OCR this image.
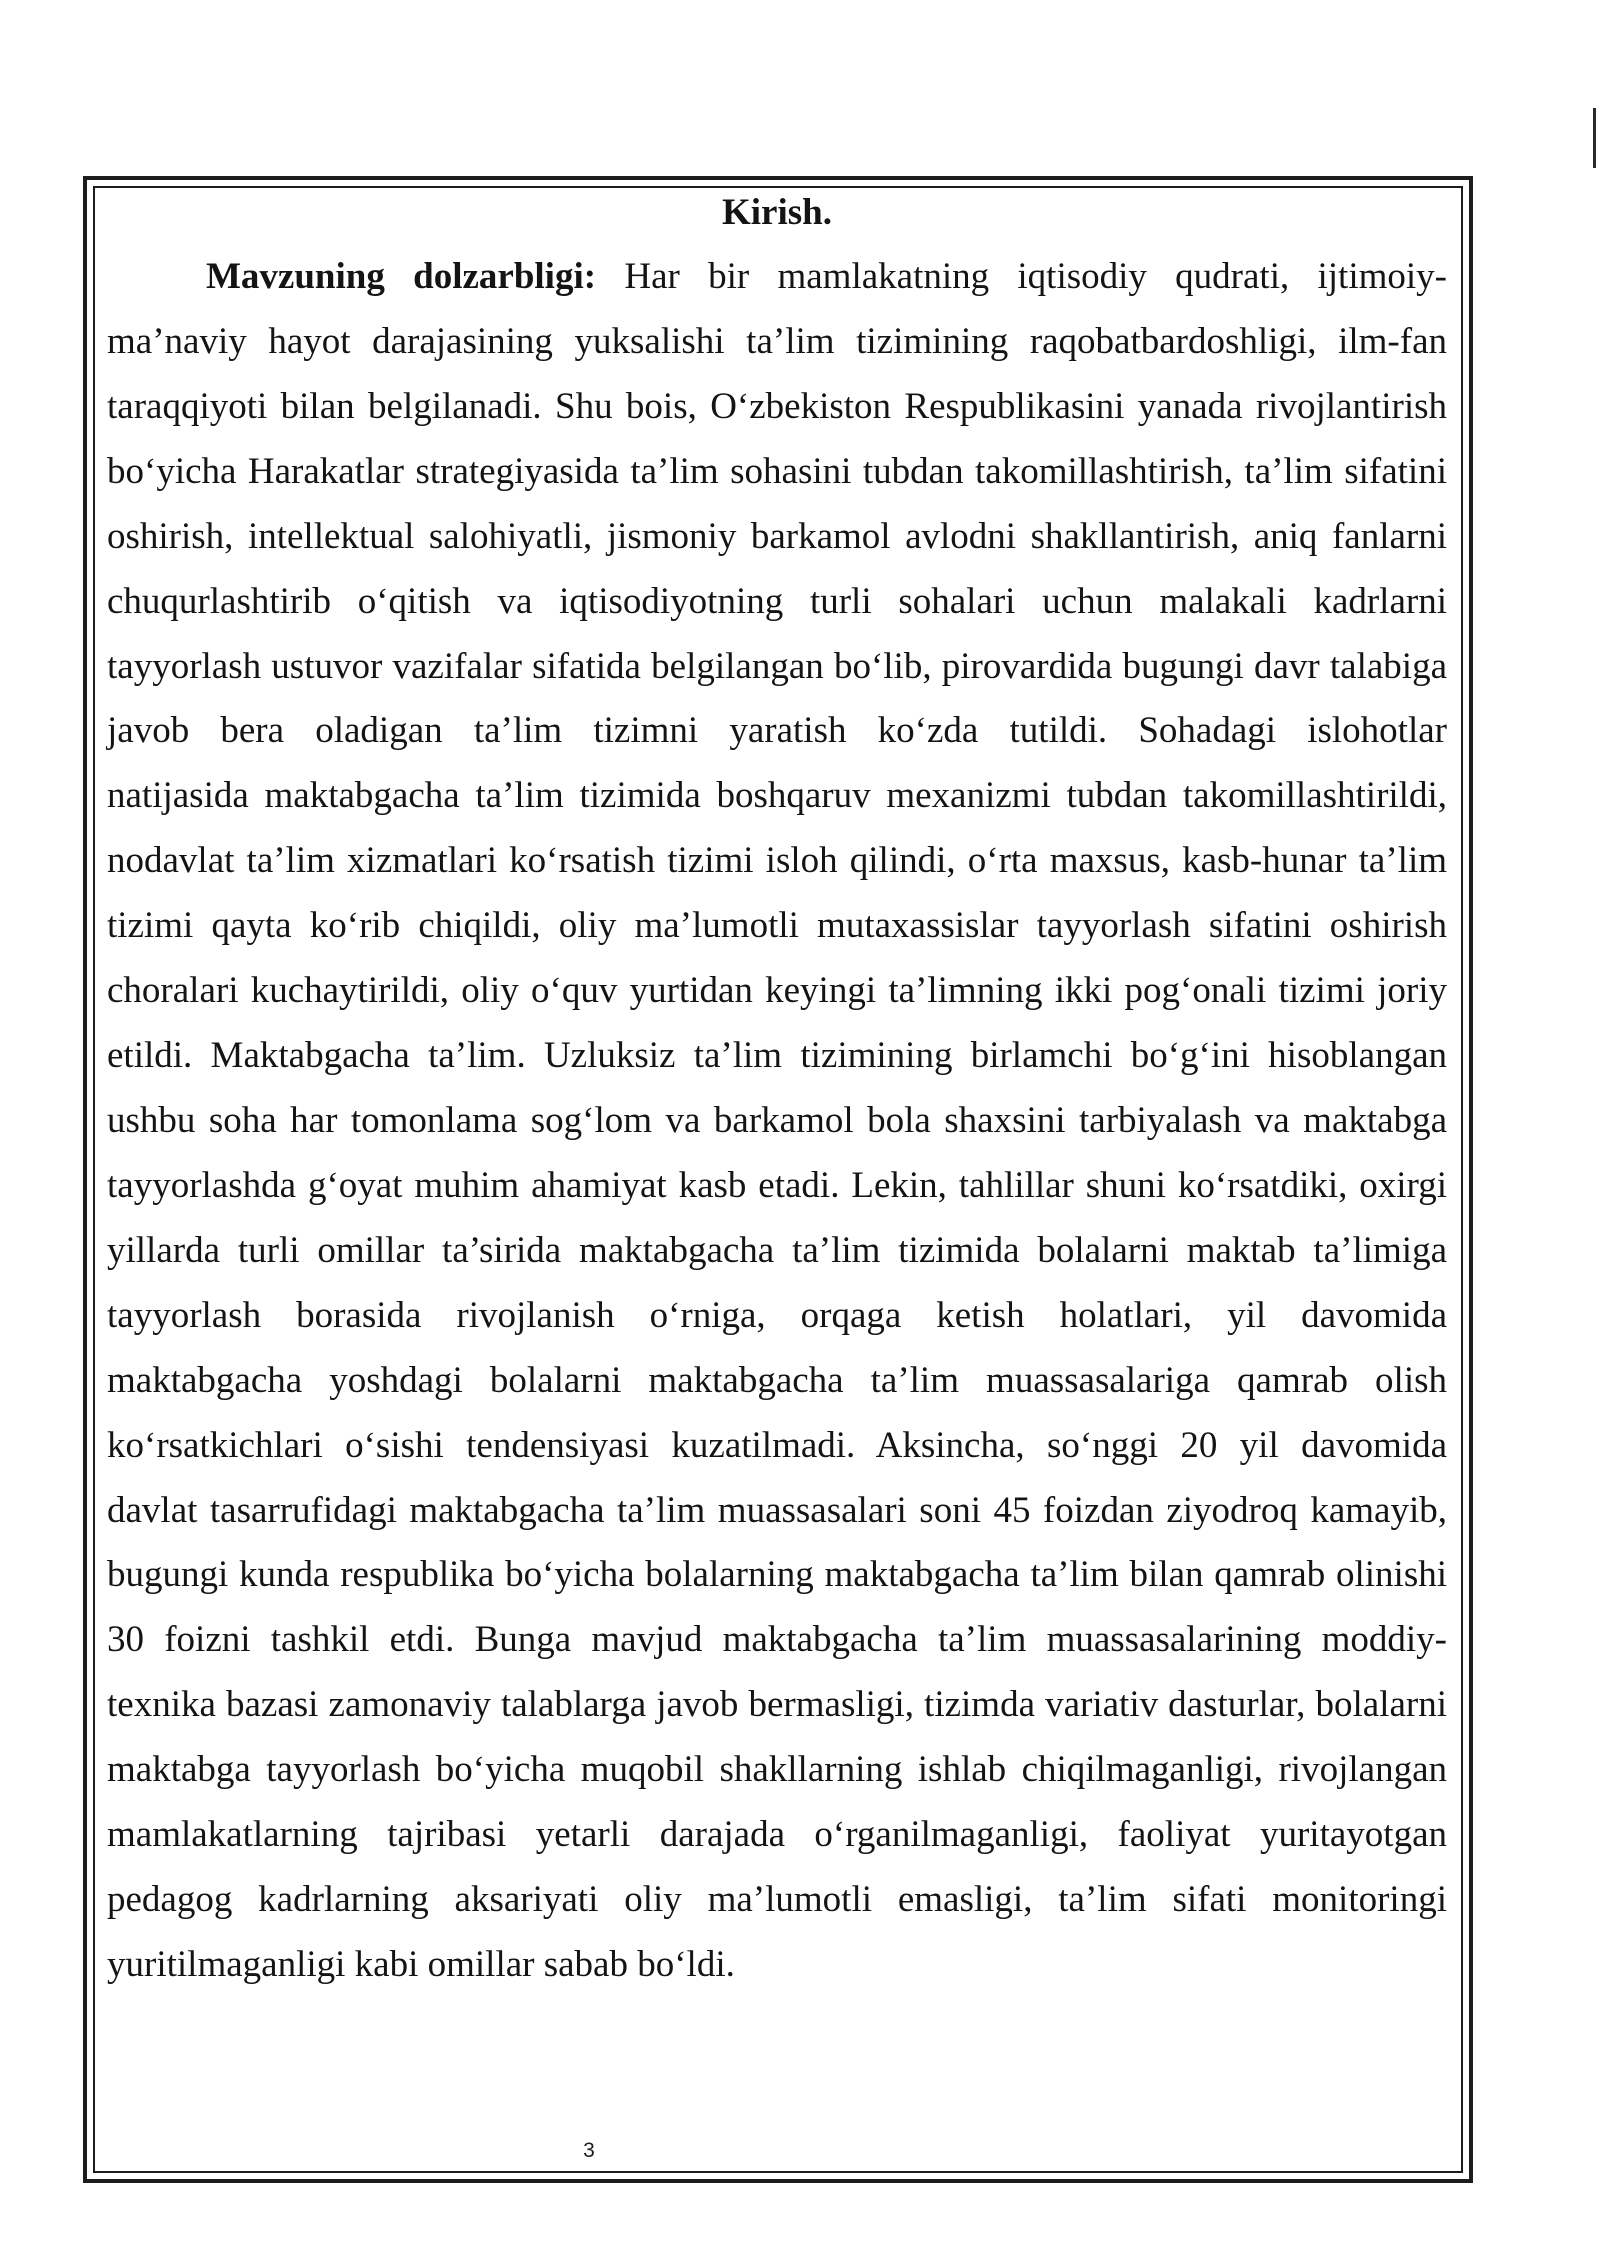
Kirish.
Mavzuning dolzarbligi: Har bir mamlakatning iqtisodiy qudrati, ijtimoiy-
ma’naviy hayot darajasining yuksalishi ta’lim tizimining raqobatbardoshligi, ilm-fan
taraqqiyoti bilan belgilanadi. Shu bois, O‘zbekiston Respublikasini yanada rivojlantirish
bo‘yicha Harakatlar strategiyasida ta’lim sohasini tubdan takomillashtirish, ta’lim sifatini
oshirish, intellektual salohiyatli, jismoniy barkamol avlodni shakllantirish, aniq fanlarni
chuqurlashtirib o‘qitish va iqtisodiyotning turli sohalari uchun malakali kadrlarni
tayyorlash ustuvor vazifalar sifatida belgilangan bo‘lib, pirovardida bugungi davr talabiga
javob bera oladigan ta’lim tizimni yaratish ko‘zda tutildi. Sohadagi islohotlar
natijasida maktabgacha ta’lim tizimida boshqaruv mexanizmi tubdan takomillashtirildi,
nodavlat ta’lim xizmatlari ko‘rsatish tizimi isloh qilindi, o‘rta maxsus, kasb-hunar ta’lim
tizimi qayta ko‘rib chiqildi, oliy ma’lumotli mutaxassislar tayyorlash sifatini oshirish
choralari kuchaytirildi, oliy o‘quv yurtidan keyingi ta’limning ikki pog‘onali tizimi joriy
etildi. Maktabgacha ta’lim. Uzluksiz ta’lim tizimining birlamchi bo‘g‘ini hisoblangan
ushbu soha har tomonlama sog‘lom va barkamol bola shaxsini tarbiyalash va maktabga
tayyorlashda g‘oyat muhim ahamiyat kasb etadi. Lekin, tahlillar shuni ko‘rsatdiki, oxirgi
yillarda turli omillar ta’sirida maktabgacha ta’lim tizimida bolalarni maktab ta’limiga
tayyorlash borasida rivojlanish o‘rniga, orqaga ketish holatlari, yil davomida
maktabgacha yoshdagi bolalarni maktabgacha ta’lim muassasalariga qamrab olish
ko‘rsatkichlari o‘sishi tendensiyasi kuzatilmadi. Aksincha, so‘nggi 20 yil davomida
davlat tasarrufidagi maktabgacha ta’lim muassasalari soni 45 foizdan ziyodroq kamayib,
bugungi kunda respublika bo‘yicha bolalarning maktabgacha ta’lim bilan qamrab olinishi
30 foizni tashkil etdi. Bunga mavjud maktabgacha ta’lim muassasalarining moddiy-
texnika bazasi zamonaviy talablarga javob bermasligi, tizimda variativ dasturlar, bolalarni
maktabga tayyorlash bo‘yicha muqobil shakllarning ishlab chiqilmaganligi, rivojlangan
mamlakatlarning tajribasi yetarli darajada o‘rganilmaganligi, faoliyat yuritayotgan
pedagog kadrlarning aksariyati oliy ma’lumotli emasligi, ta’lim sifati monitoringi
yuritilmaganligi kabi omillar sabab bo‘ldi.
3
